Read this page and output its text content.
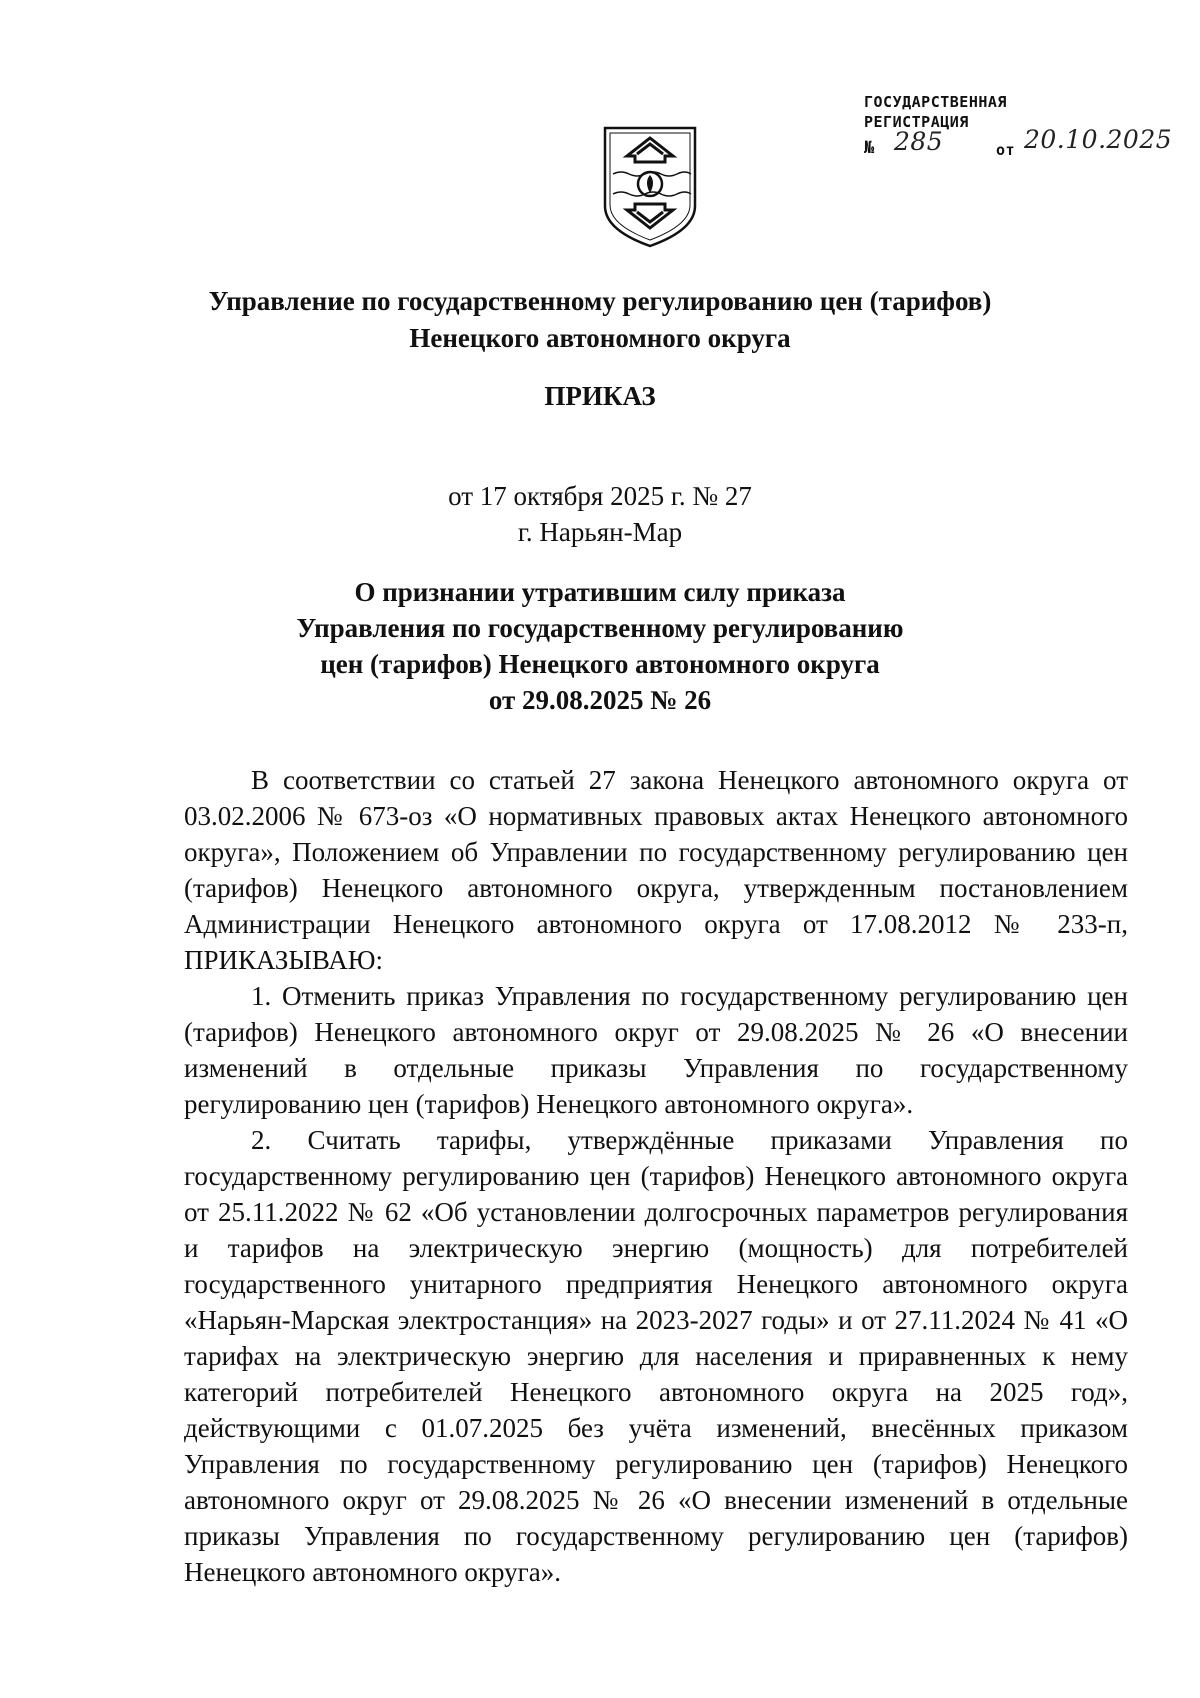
ГОСУДАРСТВЕННАЯ
РЕГИСТРАЦИЯ
№ 285	от 20.10.2025
Управление по государственному регулированию цен (тарифов)
Ненецкого автономного округа
ПРИКАЗ
от 17 октября 2025 г. № 27
г. Нарьян-Мар
О признании утратившим силу приказа
Управления по государственному регулированию
цен (тарифов) Ненецкого автономного округа
от 29.08.2025 № 26

В соответствии со статьей 27 закона Ненецкого автономного округа от 03.02.2006 № 673-оз «О нормативных правовых актах Ненецкого автономного округа», Положением об Управлении по государственному регулированию цен (тарифов) Ненецкого автономного округа, утвержденным постановлением Администрации Ненецкого автономного округа от 17.08.2012 № 233-п, ПРИКАЗЫВАЮ:

1. Отменить приказ Управления по государственному регулированию цен (тарифов) Ненецкого автономного округ от 29.08.2025 № 26 «О внесении изменений в отдельные приказы Управления по государственному регулированию цен (тарифов) Ненецкого автономного округа».

2. Считать тарифы, утверждённые приказами Управления по государственному регулированию цен (тарифов) Ненецкого автономного округа от 25.11.2022 № 62 «Об установлении долгосрочных параметров регулирования и тарифов на электрическую энергию (мощность) для потребителей государственного унитарного предприятия Ненецкого автономного округа «Нарьян-Марская электростанция» на 2023-2027 годы» и от 27.11.2024 № 41 «О тарифах на электрическую энергию для населения и приравненных к нему категорий потребителей Ненецкого автономного округа на 2025 год», действующими с 01.07.2025 без учёта изменений, внесённых приказом Управления по государственному регулированию цен (тарифов) Ненецкого автономного округ от 29.08.2025 № 26 «О внесении изменений в отдельные приказы Управления по государственному регулированию цен (тарифов) Ненецкого автономного округа».
